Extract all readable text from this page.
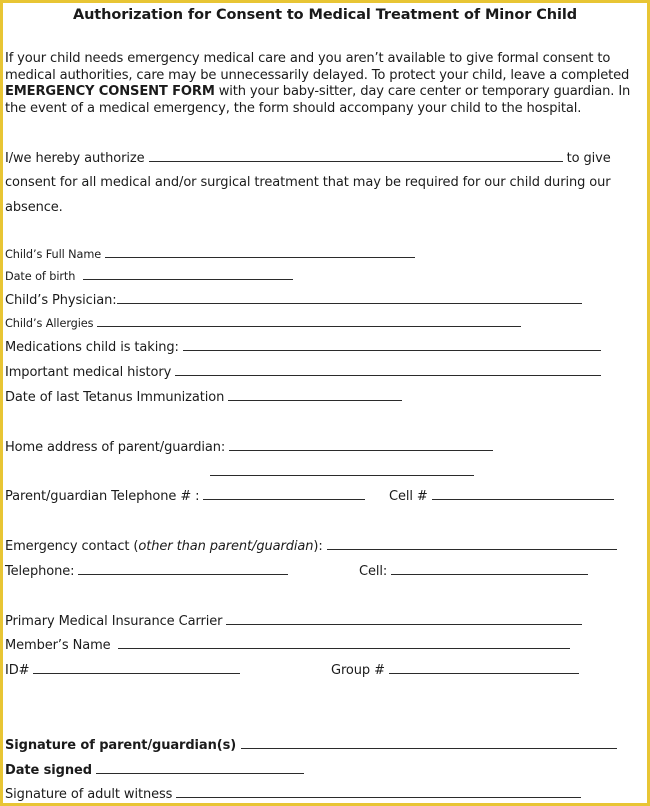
Authorization for Consent to Medical Treatment of Minor Child

If your child needs emergency medical care and you aren’t available to give formal consent to medical authorities, care may be unnecessarily delayed. To protect your child, leave a completed EMERGENCY CONSENT FORM with your baby-sitter, day care center or temporary guardian. In the event of a medical emergency, the form should accompany your child to the hospital.

I/we hereby authorize	to give
consent for all medical and/or surgical treatment that may be required for our child during our
absence.
Child’s Full Name
Date of birth
Child’s Physician:
Child’s Allergies
Medications child is taking:
Important medical history
Date of last Tetanus Immunization
Home address of parent/guardian:
Parent/guardian Telephone # :	Cell #
Emergency contact (other than parent/guardian):
Telephone:	Cell:
Primary Medical Insurance Carrier
Member’s Name
ID#	Group #
Signature of parent/guardian(s)
Date signed
Signature of adult witness
